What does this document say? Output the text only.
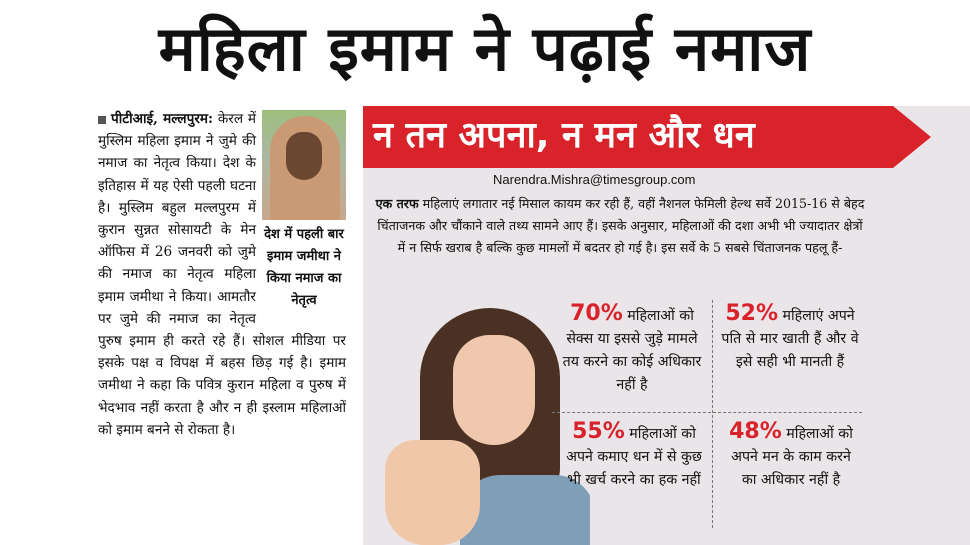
महिला इमाम ने पढ़ाई नमाज
देश में पहली बार इमाम जमीथा ने किया नमाज का नेतृत्व
पीटीआई, मल्लपुरम: केरल में मुस्लिम महिला इमाम ने जुमे की नमाज का नेतृत्व किया। देश के इतिहास में यह ऐसी पहली घटना है। मुस्लिम बहुल मल्लपुरम में कुरान सुन्नत सोसायटी के मेन ऑफिस में 26 जनवरी को जुमे की नमाज का नेतृत्व महिला इमाम जमीथा ने किया। आमतौर पर जुमे की नमाज का नेतृत्व पुरुष इमाम ही करते रहे हैं। सोशल मीडिया पर इसके पक्ष व विपक्ष में बहस छिड़ गई है। इमाम जमीथा ने कहा कि पवित्र कुरान महिला व पुरुष में भेदभाव नहीं करता है और न ही इस्लाम महिलाओं को इमाम बनने से रोकता है।
न तन अपना, न मन और धन
Narendra.Mishra@timesgroup.com
एक तरफ महिलाएं लगातार नई मिसाल कायम कर रही हैं, वहीं नैशनल फेमिली हेल्थ सर्वे 2015-16 से बेहद चिंताजनक और चौंकाने वाले तथ्य सामने आए हैं। इसके अनुसार, महिलाओं की दशा अभी भी ज्यादातर क्षेत्रों में न सिर्फ खराब है बल्कि कुछ मामलों में बदतर हो गई है। इस सर्वे के 5 सबसे चिंताजनक पहलू हैं-
70% महिलाओं को सेक्स या इससे जुड़े मामले तय करने का कोई अधिकार नहीं है
52% महिलाएं अपने पति से मार खाती हैं और वे इसे सही भी मानती हैं
55% महिलाओं को अपने कमाए धन में से कुछ भी खर्च करने का हक नहीं
48% महिलाओं को अपने मन के काम करने का अधिकार नहीं है
